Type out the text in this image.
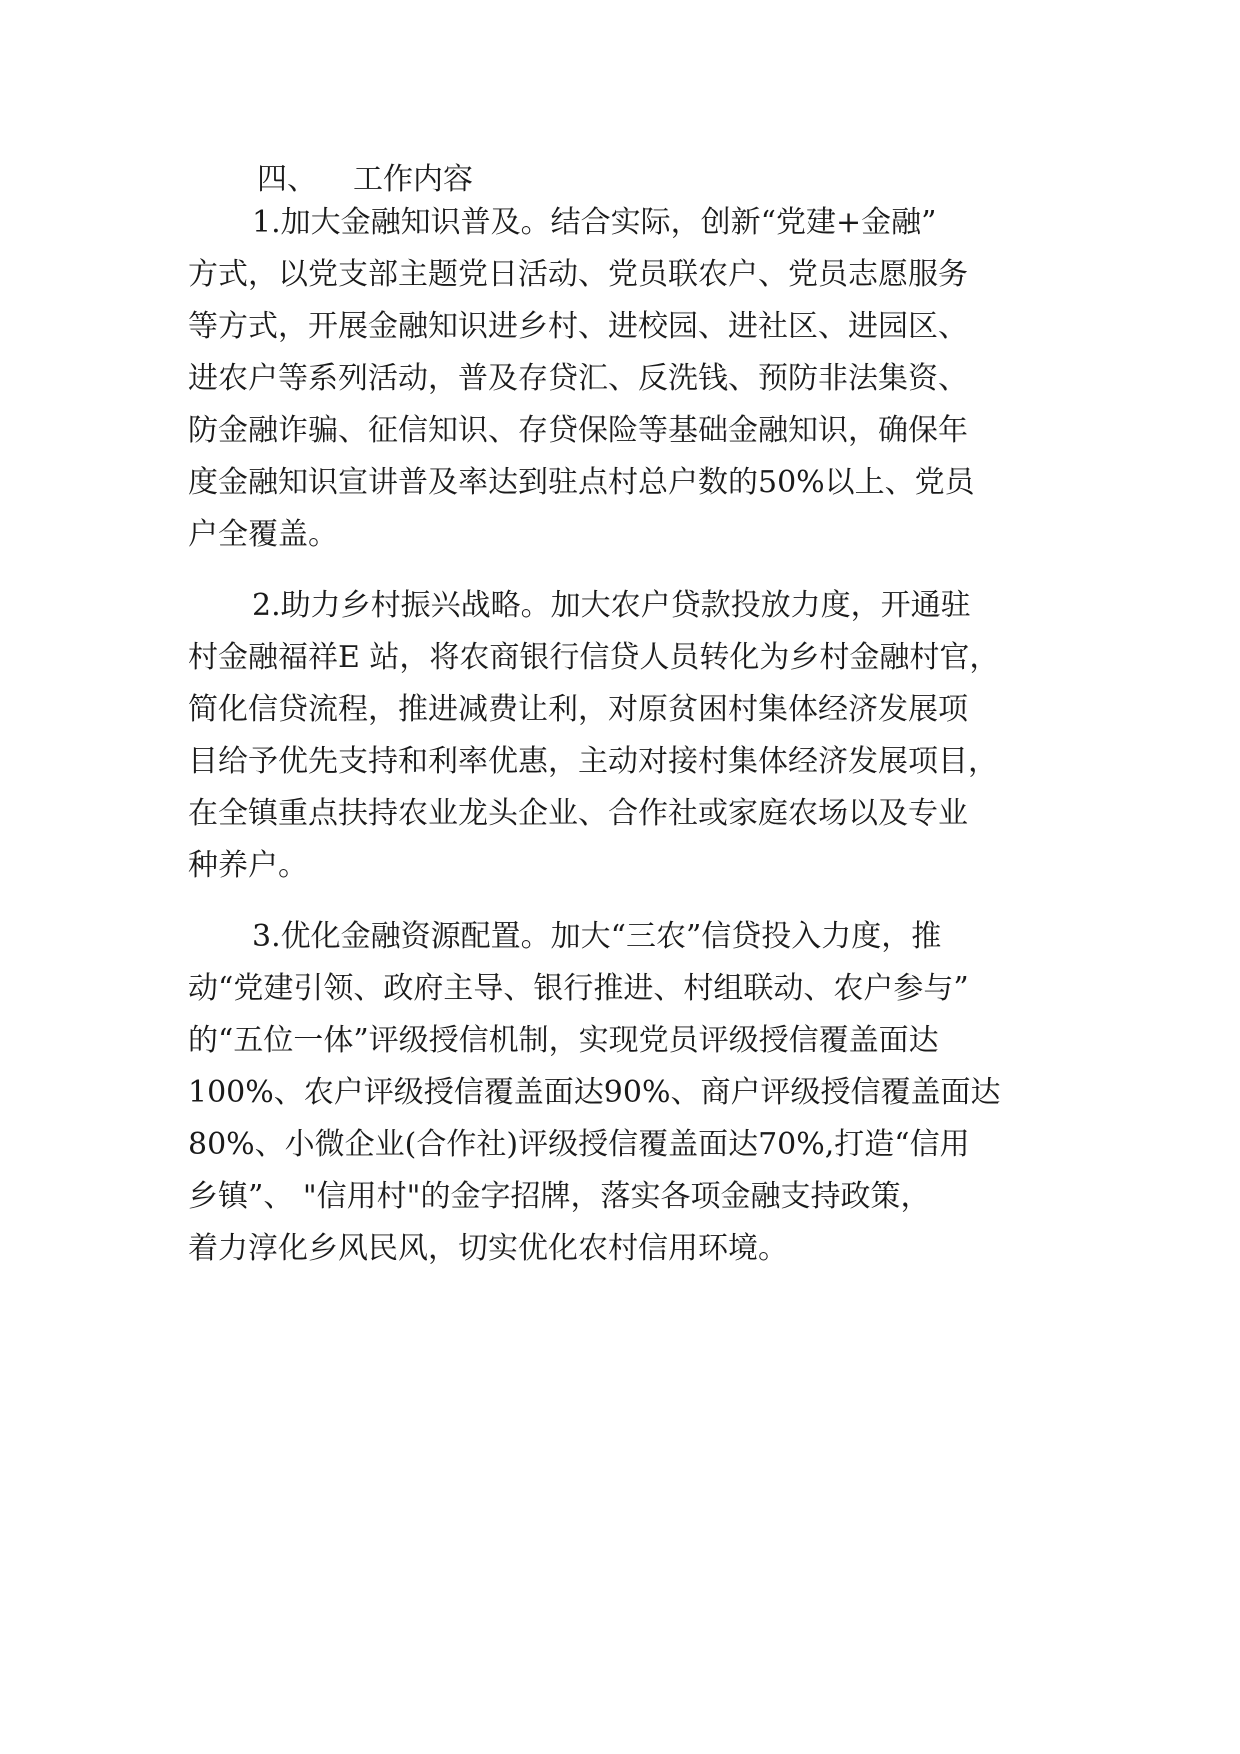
四、 工作内容
1.加大金融知识普及。结合实际，创新“党建+金融”
方式，以党支部主题党日活动、党员联农户、党员志愿服务
等方式，开展金融知识进乡村、进校园、进社区、进园区、
进农户等系列活动，普及存贷汇、反洗钱、预防非法集资、
防金融诈骗、征信知识、存贷保险等基础金融知识，确保年
度金融知识宣讲普及率达到驻点村总户数的50%以上、党员
户全覆盖。
2.助力乡村振兴战略。加大农户贷款投放力度，开通驻
村金融福祥E 站，将农商银行信贷人员转化为乡村金融村官，
简化信贷流程，推进减费让利，对原贫困村集体经济发展项
目给予优先支持和利率优惠，主动对接村集体经济发展项目，
在全镇重点扶持农业龙头企业、合作社或家庭农场以及专业
种养户。
3.优化金融资源配置。加大“三农”信贷投入力度，推
动“党建引领、政府主导、银行推进、村组联动、农户参与”
的“五位一体”评级授信机制，实现党员评级授信覆盖面达
100%、农户评级授信覆盖面达90%、商户评级授信覆盖面达
80%、小微企业(合作社)评级授信覆盖面达70%,打造“信用
乡镇”、 "信用村"的金字招牌，落实各项金融支持政策，
着力淳化乡风民风，切实优化农村信用环境。
